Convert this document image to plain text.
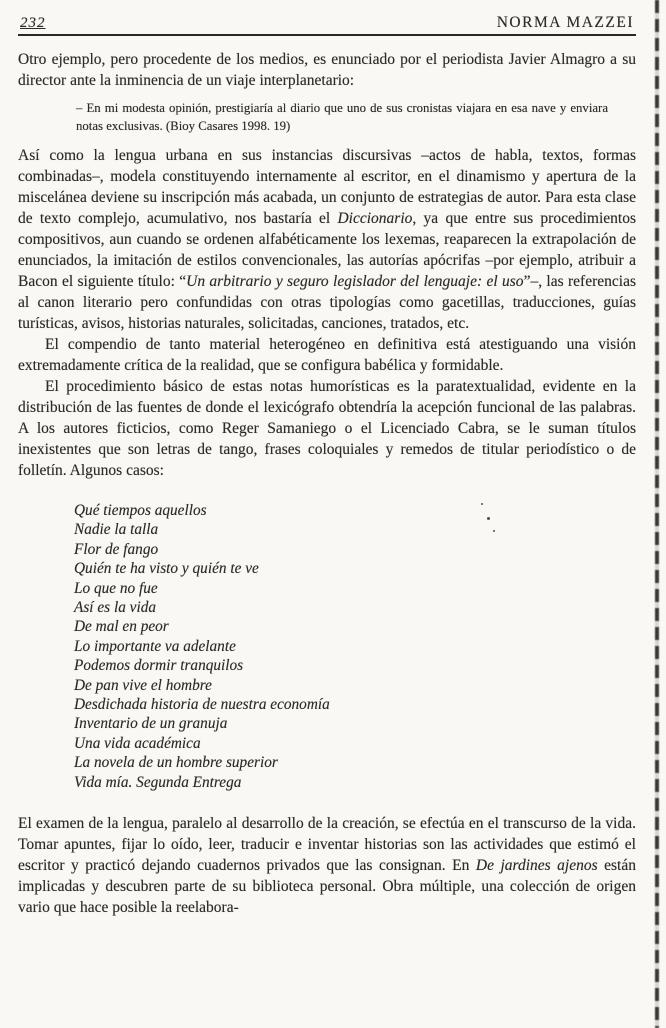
232	NORMA MAZZEI

Otro ejemplo, pero procedente de los medios, es enunciado por el periodista Javier Almagro a su director ante la inminencia de un viaje interplanetario:

– En mi modesta opinión, prestigiaría al diario que uno de sus cronistas viajara en esa nave y enviara notas exclusivas. (Bioy Casares 1998. 19)

Así como la lengua urbana en sus instancias discursivas –actos de habla, textos, formas combinadas–, modela constituyendo internamente al escritor, en el dinamismo y apertura de la miscelánea deviene su inscripción más acabada, un conjunto de estrategias de autor. Para esta clase de texto complejo, acumulativo, nos bastaría el Diccionario, ya que entre sus procedimientos compositivos, aun cuando se ordenen alfabéticamente los lexemas, reaparecen la extrapolación de enunciados, la imitación de estilos convencionales, las autorías apócrifas –por ejemplo, atribuir a Bacon el siguiente título: “Un arbitrario y seguro legislador del lenguaje: el uso”–, las referencias al canon literario pero confundidas con otras tipologías como gacetillas, traducciones, guías turísticas, avisos, historias naturales, solicitadas, canciones, tratados, etc.

El compendio de tanto material heterogéneo en definitiva está atestiguando una visión extremadamente crítica de la realidad, que se configura babélica y formidable.

El procedimiento básico de estas notas humorísticas es la paratextualidad, evidente en la distribución de las fuentes de donde el lexicógrafo obtendría la acepción funcional de las palabras. A los autores ficticios, como Reger Samaniego o el Licenciado Cabra, se le suman títulos inexistentes que son letras de tango, frases coloquiales y remedos de titular periodístico o de folletín. Algunos casos:

Qué tiempos aquellos
Nadie la talla
Flor de fango
Quién te ha visto y quién te ve
Lo que no fue
Así es la vida
De mal en peor
Lo importante va adelante
Podemos dormir tranquilos
De pan vive el hombre
Desdichada historia de nuestra economía
Inventario de un granuja
Una vida académica
La novela de un hombre superior
Vida mía. Segunda Entrega

El examen de la lengua, paralelo al desarrollo de la creación, se efectúa en el transcurso de la vida. Tomar apuntes, fijar lo oído, leer, traducir e inventar historias son las actividades que estimó el escritor y practicó dejando cuadernos privados que las consignan. En De jardines ajenos están implicadas y descubren parte de su biblioteca personal. Obra múltiple, una colección de origen vario que hace posible la reelabora-
